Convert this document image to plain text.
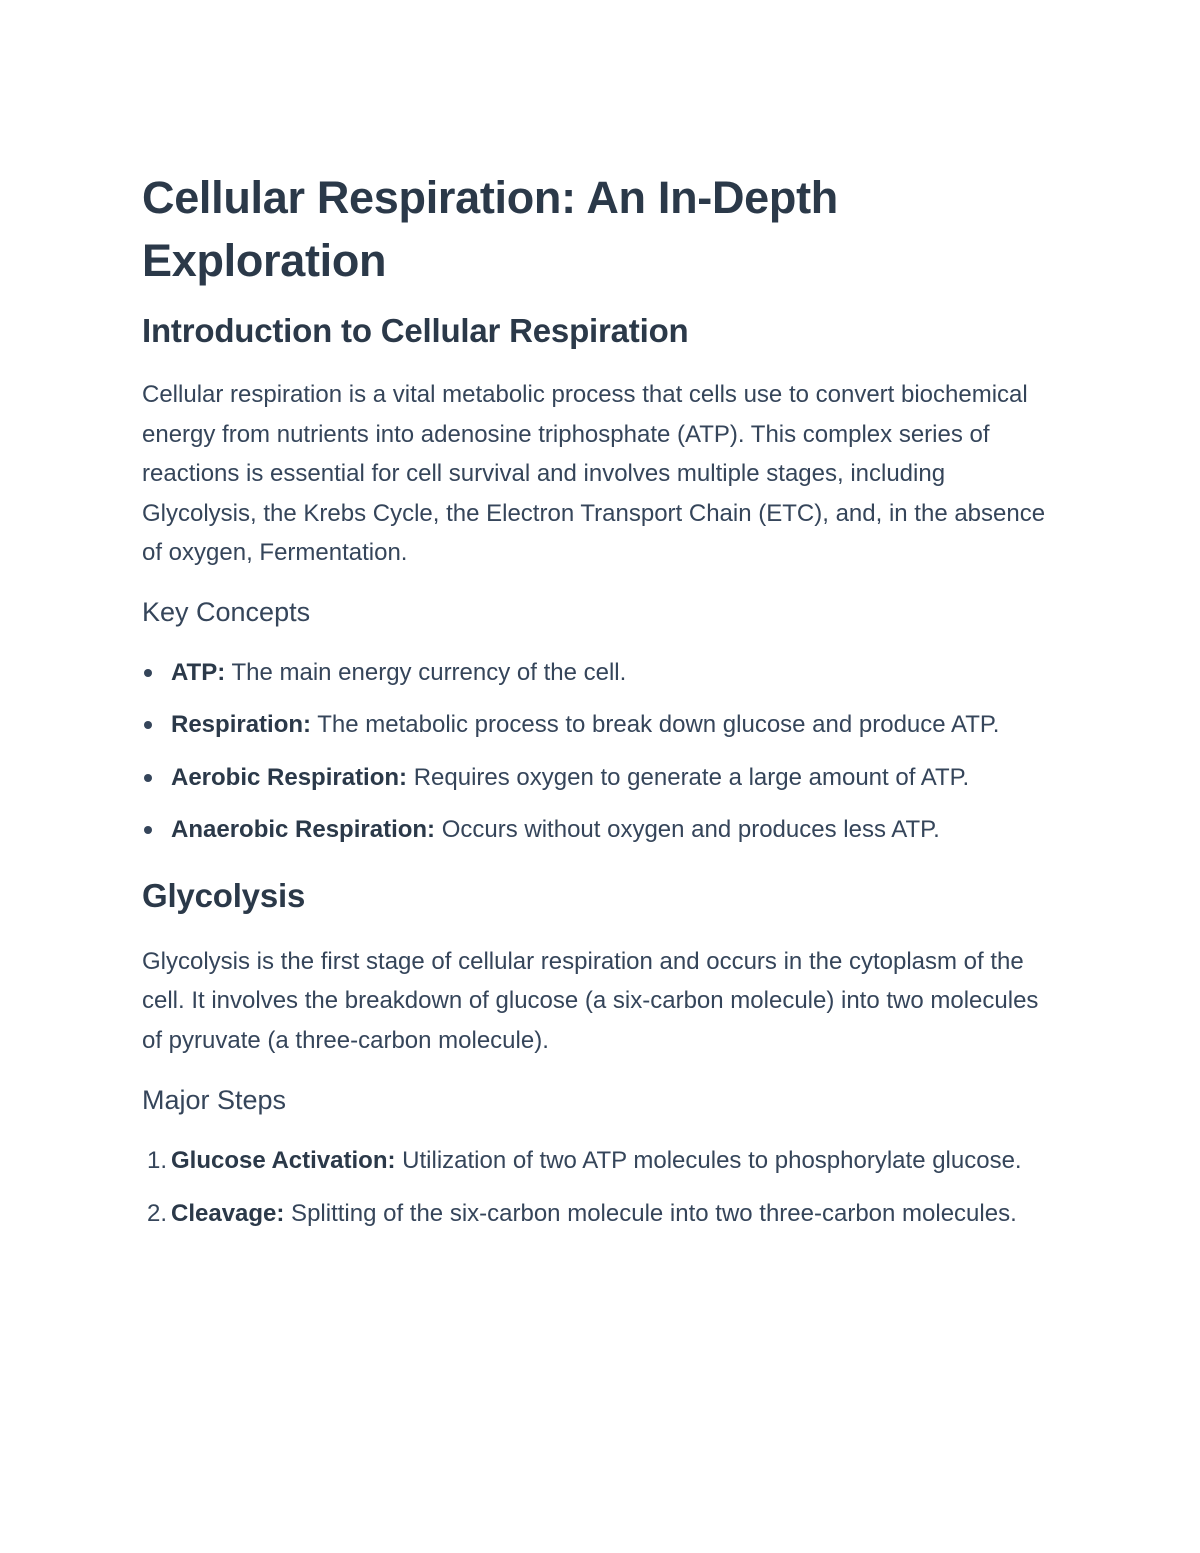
Cellular Respiration: An In-Depth Exploration
Introduction to Cellular Respiration

Cellular respiration is a vital metabolic process that cells use to convert biochemical energy from nutrients into adenosine triphosphate (ATP). This complex series of reactions is essential for cell survival and involves multiple stages, including Glycolysis, the Krebs Cycle, the Electron Transport Chain (ETC), and, in the absence of oxygen, Fermentation.

Key Concepts
ATP: The main energy currency of the cell.
Respiration: The metabolic process to break down glucose and produce ATP.
Aerobic Respiration: Requires oxygen to generate a large amount of ATP.
Anaerobic Respiration: Occurs without oxygen and produces less ATP.
Glycolysis

Glycolysis is the first stage of cellular respiration and occurs in the cytoplasm of the cell. It involves the breakdown of glucose (a six-carbon molecule) into two molecules of pyruvate (a three-carbon molecule).

Major Steps
1. Glucose Activation: Utilization of two ATP molecules to phosphorylate glucose.
2. Cleavage: Splitting of the six-carbon molecule into two three-carbon molecules.
